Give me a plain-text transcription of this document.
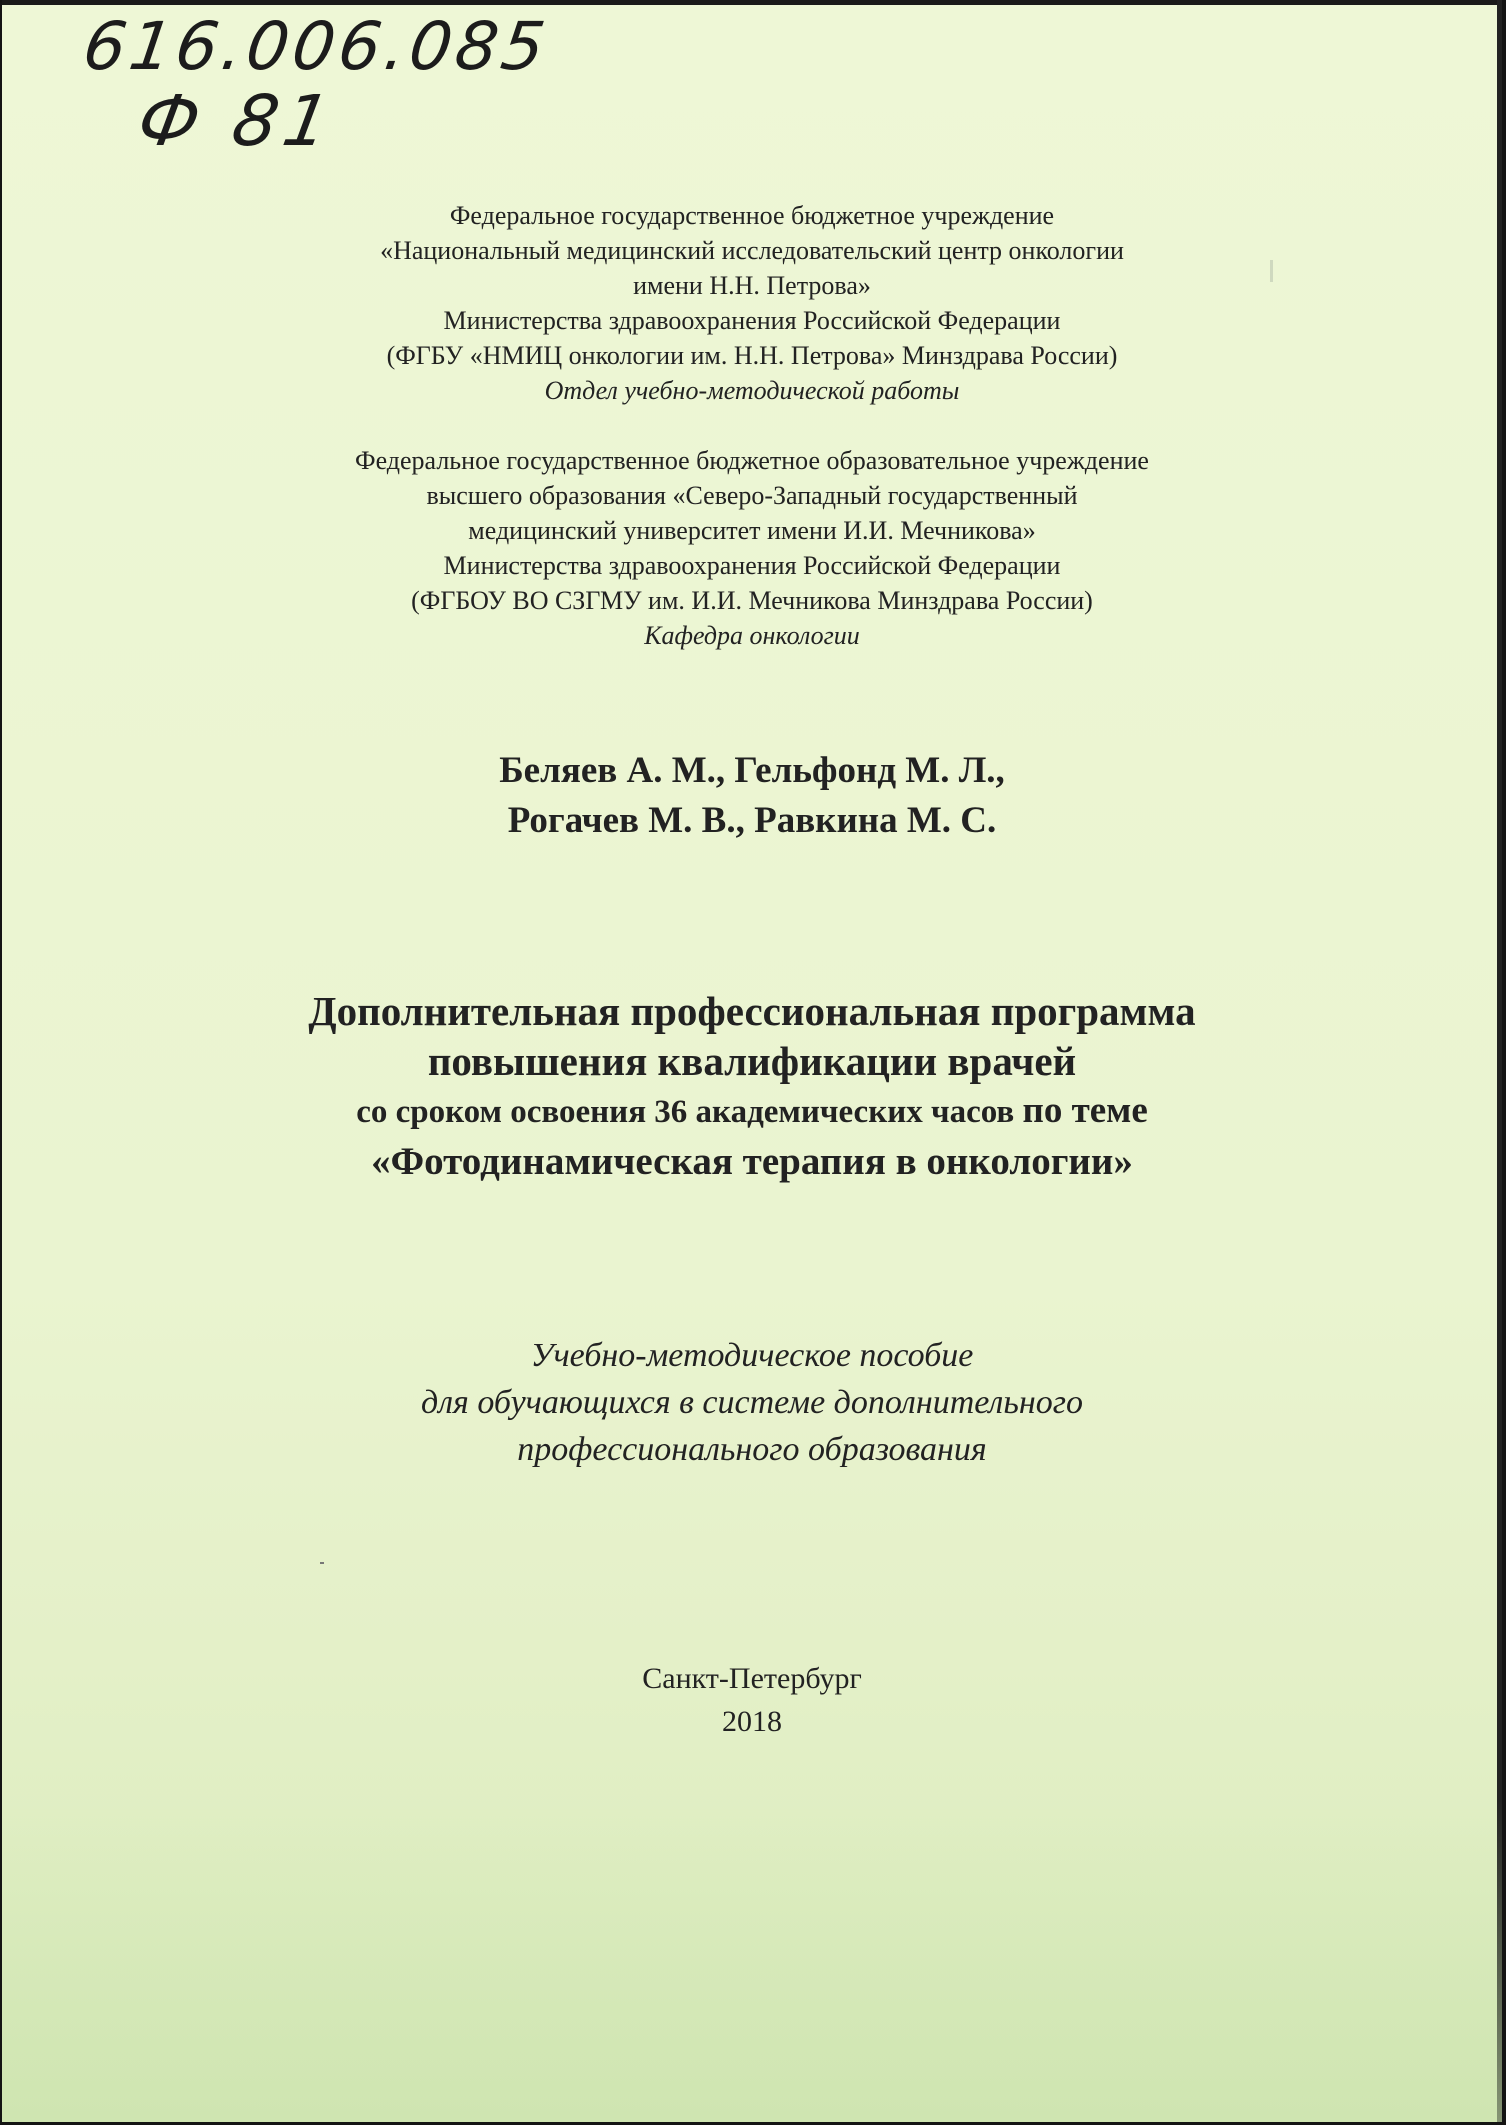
616.006.085
Ф 81

Федеральное государственное бюджетное учреждение

«Национальный медицинский исследовательский центр онкологии

имени Н.Н. Петрова»

Министерства здравоохранения Российской Федерации

(ФГБУ «НМИЦ онкологии им. Н.Н. Петрова» Минздрава России)

Отдел учебно-методической работы

Федеральное государственное бюджетное образовательное учреждение

высшего образования «Северо-Западный государственный

медицинский университет имени И.И. Мечникова»

Министерства здравоохранения Российской Федерации

(ФГБОУ ВО СЗГМУ им. И.И. Мечникова Минздрава России)

Кафедра онкологии

Беляев А. М., Гельфонд М. Л.,

Рогачев М. В., Равкина М. С.

Дополнительная профессиональная программа

повышения квалификации врачей

со сроком освоения 36 академических часов по теме

«Фотодинамическая терапия в онкологии»

Учебно-методическое пособие

для обучающихся в системе дополнительного

профессионального образования

Санкт-Петербург

2018
